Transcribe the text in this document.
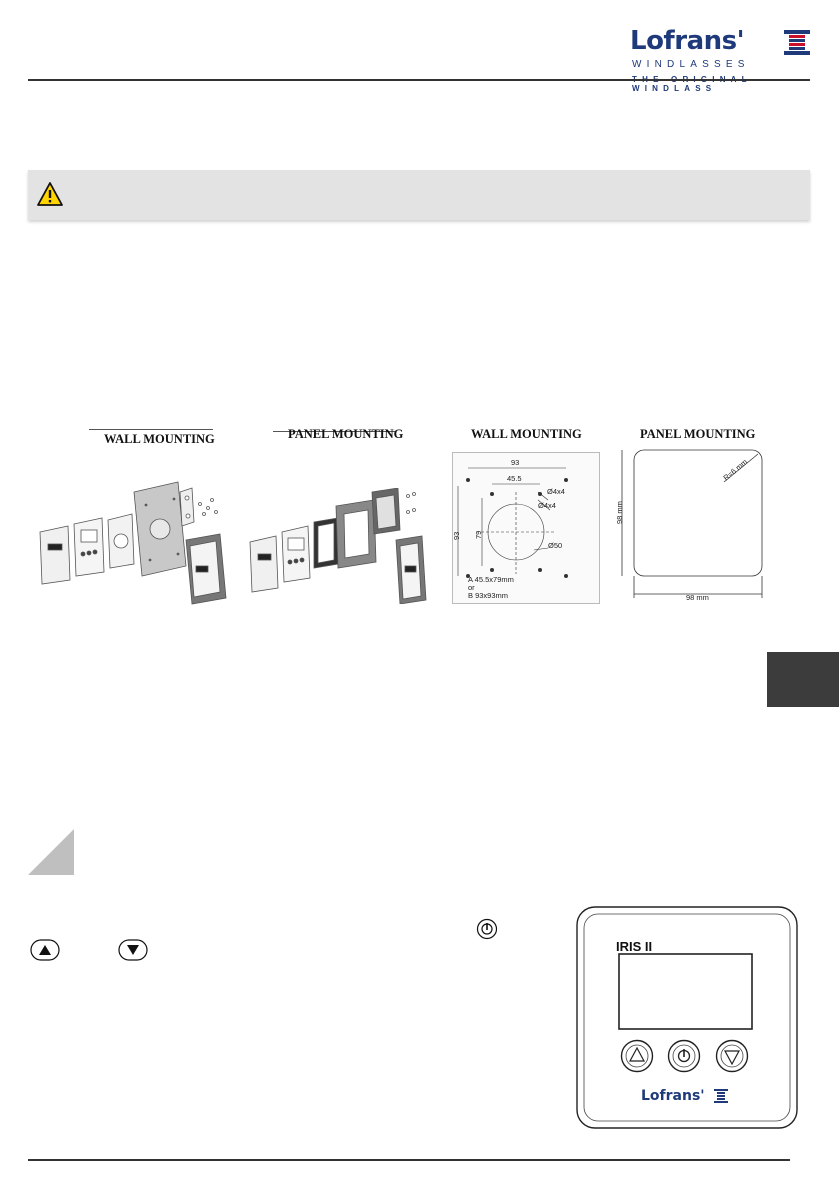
Lofrans'
WINDLASSES
WINDLASS
WALL MOUNTING	PANEL MOUNTING	WALL MOUNTING
93
45.5
Ø4x4
Ø4x4
79
93
Ø50
A 45.5x79mm
or
B 93x93mm
PANEL MOUNTING
R=6 mm
98 mm
98 mm
IRIS II
Lofrans'
